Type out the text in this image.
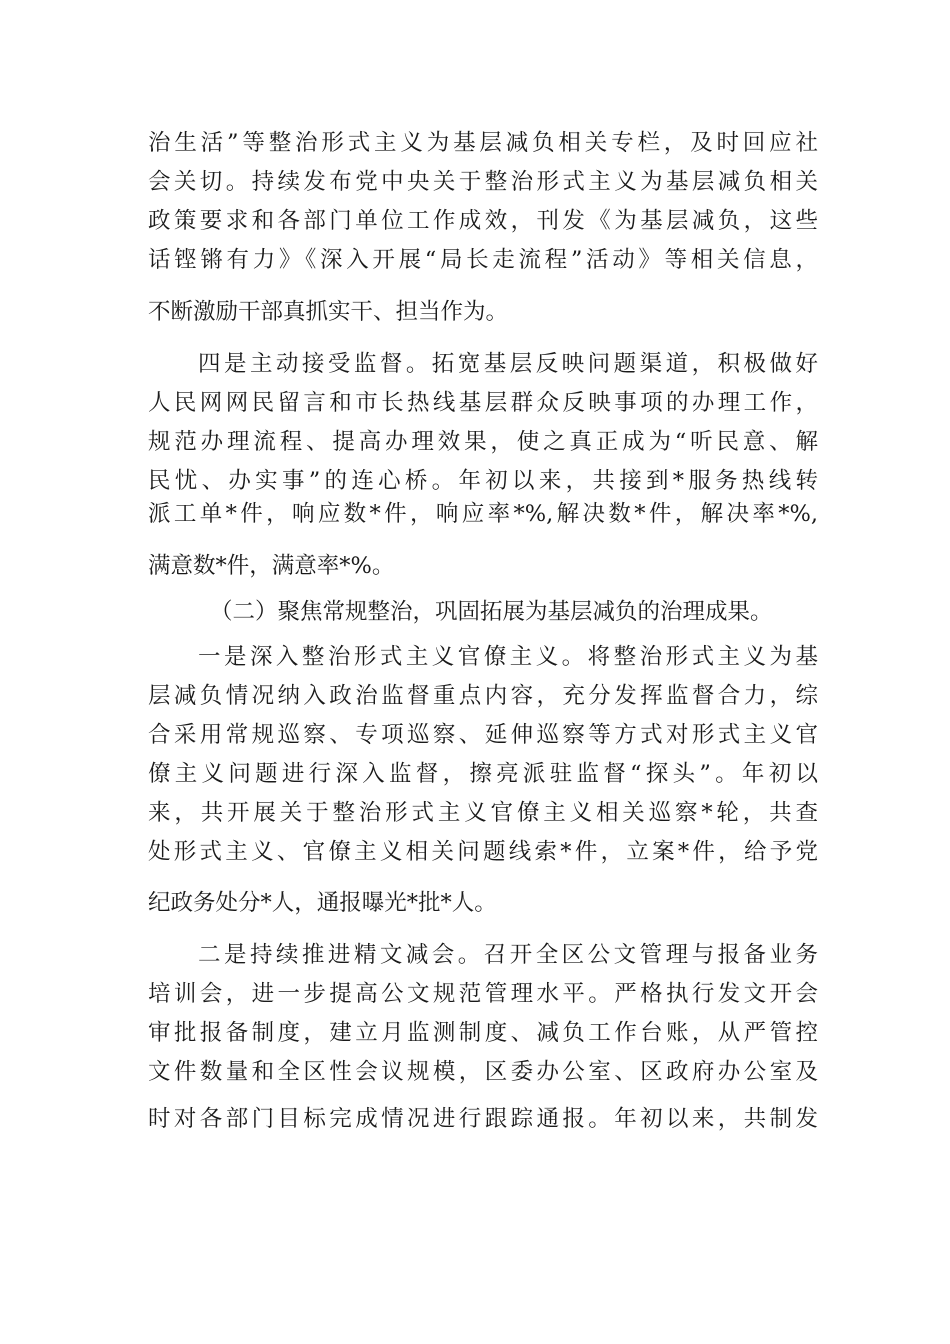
治生活”等整治形式主义为基层减负相关专栏，及时回应社
会关切。持续发布党中央关于整治形式主义为基层减负相关
政策要求和各部门单位工作成效，刊发《为基层减负，这些
话铿锵有力》《深入开展“局长走流程”活动》等相关信息，
不断激励干部真抓实干、担当作为。
四是主动接受监督。拓宽基层反映问题渠道，积极做好
人民网网民留言和市长热线基层群众反映事项的办理工作，
规范办理流程、提高办理效果，使之真正成为“听民意、解
民忧、办实事”的连心桥。年初以来，共接到*服务热线转
派工单*件，响应数*件，响应率*%,解决数*件，解决率*%,
满意数*件，满意率*%。
（二）聚焦常规整治，巩固拓展为基层减负的治理成果。
一是深入整治形式主义官僚主义。将整治形式主义为基
层减负情况纳入政治监督重点内容，充分发挥监督合力，综
合采用常规巡察、专项巡察、延伸巡察等方式对形式主义官
僚主义问题进行深入监督，擦亮派驻监督“探头”。年初以
来，共开展关于整治形式主义官僚主义相关巡察*轮，共查
处形式主义、官僚主义相关问题线索*件，立案*件，给予党
纪政务处分*人，通报曝光*批*人。
二是持续推进精文减会。召开全区公文管理与报备业务
培训会，进一步提高公文规范管理水平。严格执行发文开会
审批报备制度，建立月监测制度、减负工作台账，从严管控
文件数量和全区性会议规模，区委办公室、区政府办公室及
时对各部门目标完成情况进行跟踪通报。年初以来，共制发
